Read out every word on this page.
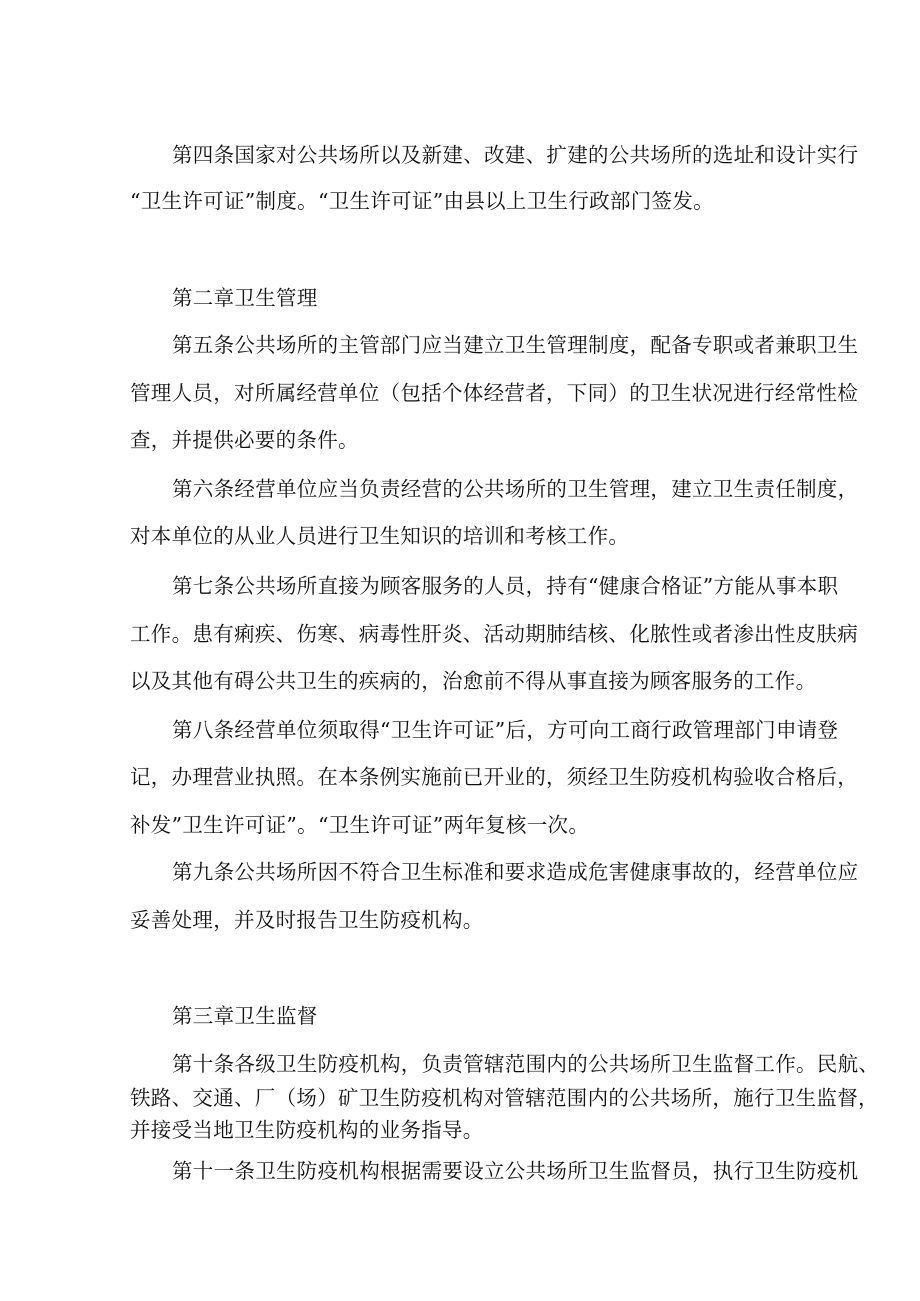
第四条国家对公共场所以及新建、改建、扩建的公共场所的选址和设计实行
“卫生许可证”制度。“卫生许可证”由县以上卫生行政部门签发。
第二章卫生管理
第五条公共场所的主管部门应当建立卫生管理制度，配备专职或者兼职卫生
管理人员，对所属经营单位（包括个体经营者，下同）的卫生状况进行经常性检
查，并提供必要的条件。
第六条经营单位应当负责经营的公共场所的卫生管理，建立卫生责任制度，
对本单位的从业人员进行卫生知识的培训和考核工作。
第七条公共场所直接为顾客服务的人员，持有“健康合格证”方能从事本职
工作。患有痢疾、伤寒、病毒性肝炎、活动期肺结核、化脓性或者渗出性皮肤病
以及其他有碍公共卫生的疾病的，治愈前不得从事直接为顾客服务的工作。
第八条经营单位须取得“卫生许可证”后，方可向工商行政管理部门申请登
记，办理营业执照。在本条例实施前已开业的，须经卫生防疫机构验收合格后，
补发”卫生许可证”。“卫生许可证”两年复核一次。
第九条公共场所因不符合卫生标准和要求造成危害健康事故的，经营单位应
妥善处理，并及时报告卫生防疫机构。
第三章卫生监督
第十条各级卫生防疫机构，负责管辖范围内的公共场所卫生监督工作。民航、
铁路、交通、厂（场）矿卫生防疫机构对管辖范围内的公共场所，施行卫生监督，
并接受当地卫生防疫机构的业务指导。
第十一条卫生防疫机构根据需要设立公共场所卫生监督员，执行卫生防疫机
